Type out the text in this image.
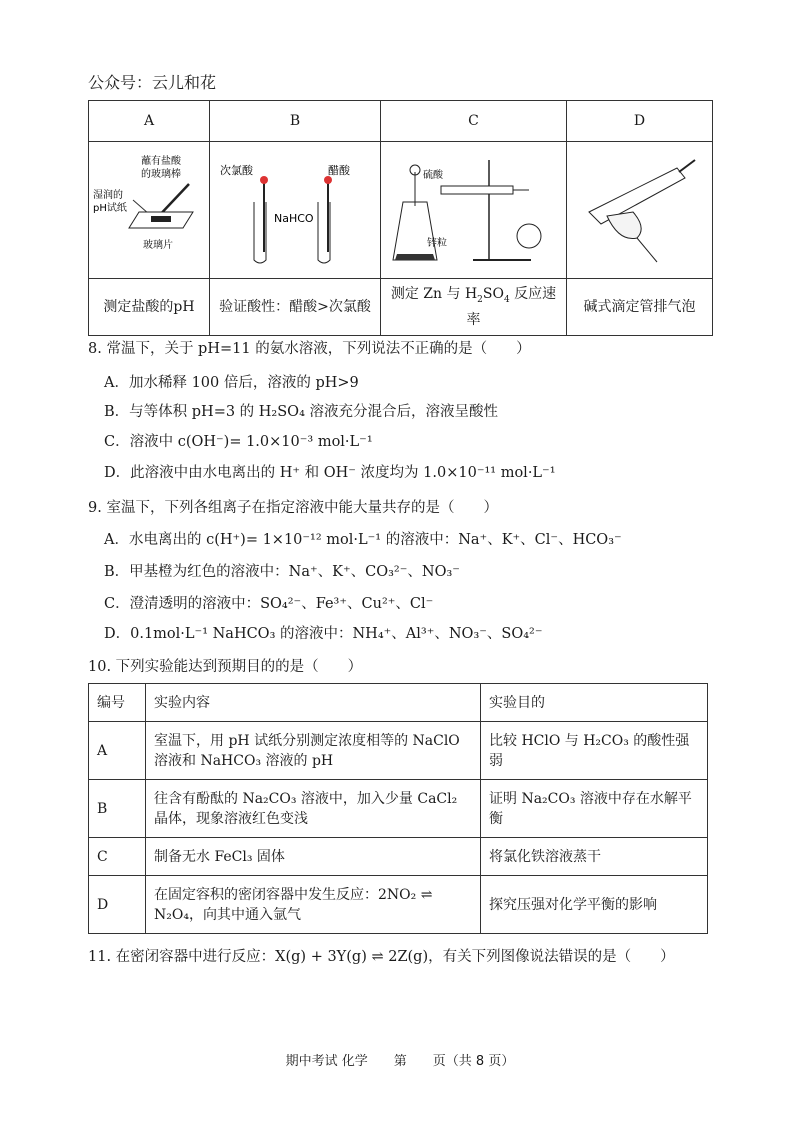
公众号：云儿和花
A	B	C	D

蘸有盐酸
的玻璃棒
湿润的
pH试纸
玻璃片	次氯酸 醋酸
NaHCO	硫酸
锌粒

测定盐酸的pH	验证酸性：醋酸>次氯酸	测定 Zn 与 $H_2SO_4$ 反应速率	碱式滴定管排气泡
8. 常温下，关于 pH=11 的氨水溶液，下列说法不正确的是（　　）
A．加水稀释 100 倍后，溶液的 pH>9
B．与等体积 pH=3 的 H₂SO₄ 溶液充分混合后，溶液呈酸性
C．溶液中 c(OH⁻)= 1.0×10⁻³ mol·L⁻¹
D．此溶液中由水电离出的 H⁺ 和 OH⁻ 浓度均为 1.0×10⁻¹¹ mol·L⁻¹
9. 室温下，下列各组离子在指定溶液中能大量共存的是（　　）
A．水电离出的 c(H⁺)= 1×10⁻¹² mol·L⁻¹ 的溶液中：Na⁺、K⁺、Cl⁻、HCO₃⁻
B．甲基橙为红色的溶液中：Na⁺、K⁺、CO₃²⁻、NO₃⁻
C．澄清透明的溶液中：SO₄²⁻、Fe³⁺、Cu²⁺、Cl⁻
D．0.1mol·L⁻¹ NaHCO₃ 的溶液中：NH₄⁺、Al³⁺、NO₃⁻、SO₄²⁻
10. 下列实验能达到预期目的的是（　　）
编号	实验内容	实验目的
A	室温下，用 pH 试纸分别测定浓度相等的 NaClO 溶液和 NaHCO₃ 溶液的 pH	比较 HClO 与 H₂CO₃ 的酸性强弱
B	往含有酚酞的 Na₂CO₃ 溶液中，加入少量 CaCl₂ 晶体，现象溶液红色变浅	证明 Na₂CO₃ 溶液中存在水解平衡
C	制备无水 FeCl₃ 固体	将氯化铁溶液蒸干
D	在固定容积的密闭容器中发生反应：2NO₂ ⇌ N₂O₄，向其中通入氩气	探究压强对化学平衡的影响
11. 在密闭容器中进行反应：X(g) + 3Y(g) ⇌ 2Z(g)，有关下列图像说法错误的是（　　）
期中考试 化学　　第　　页（共 8 页）
